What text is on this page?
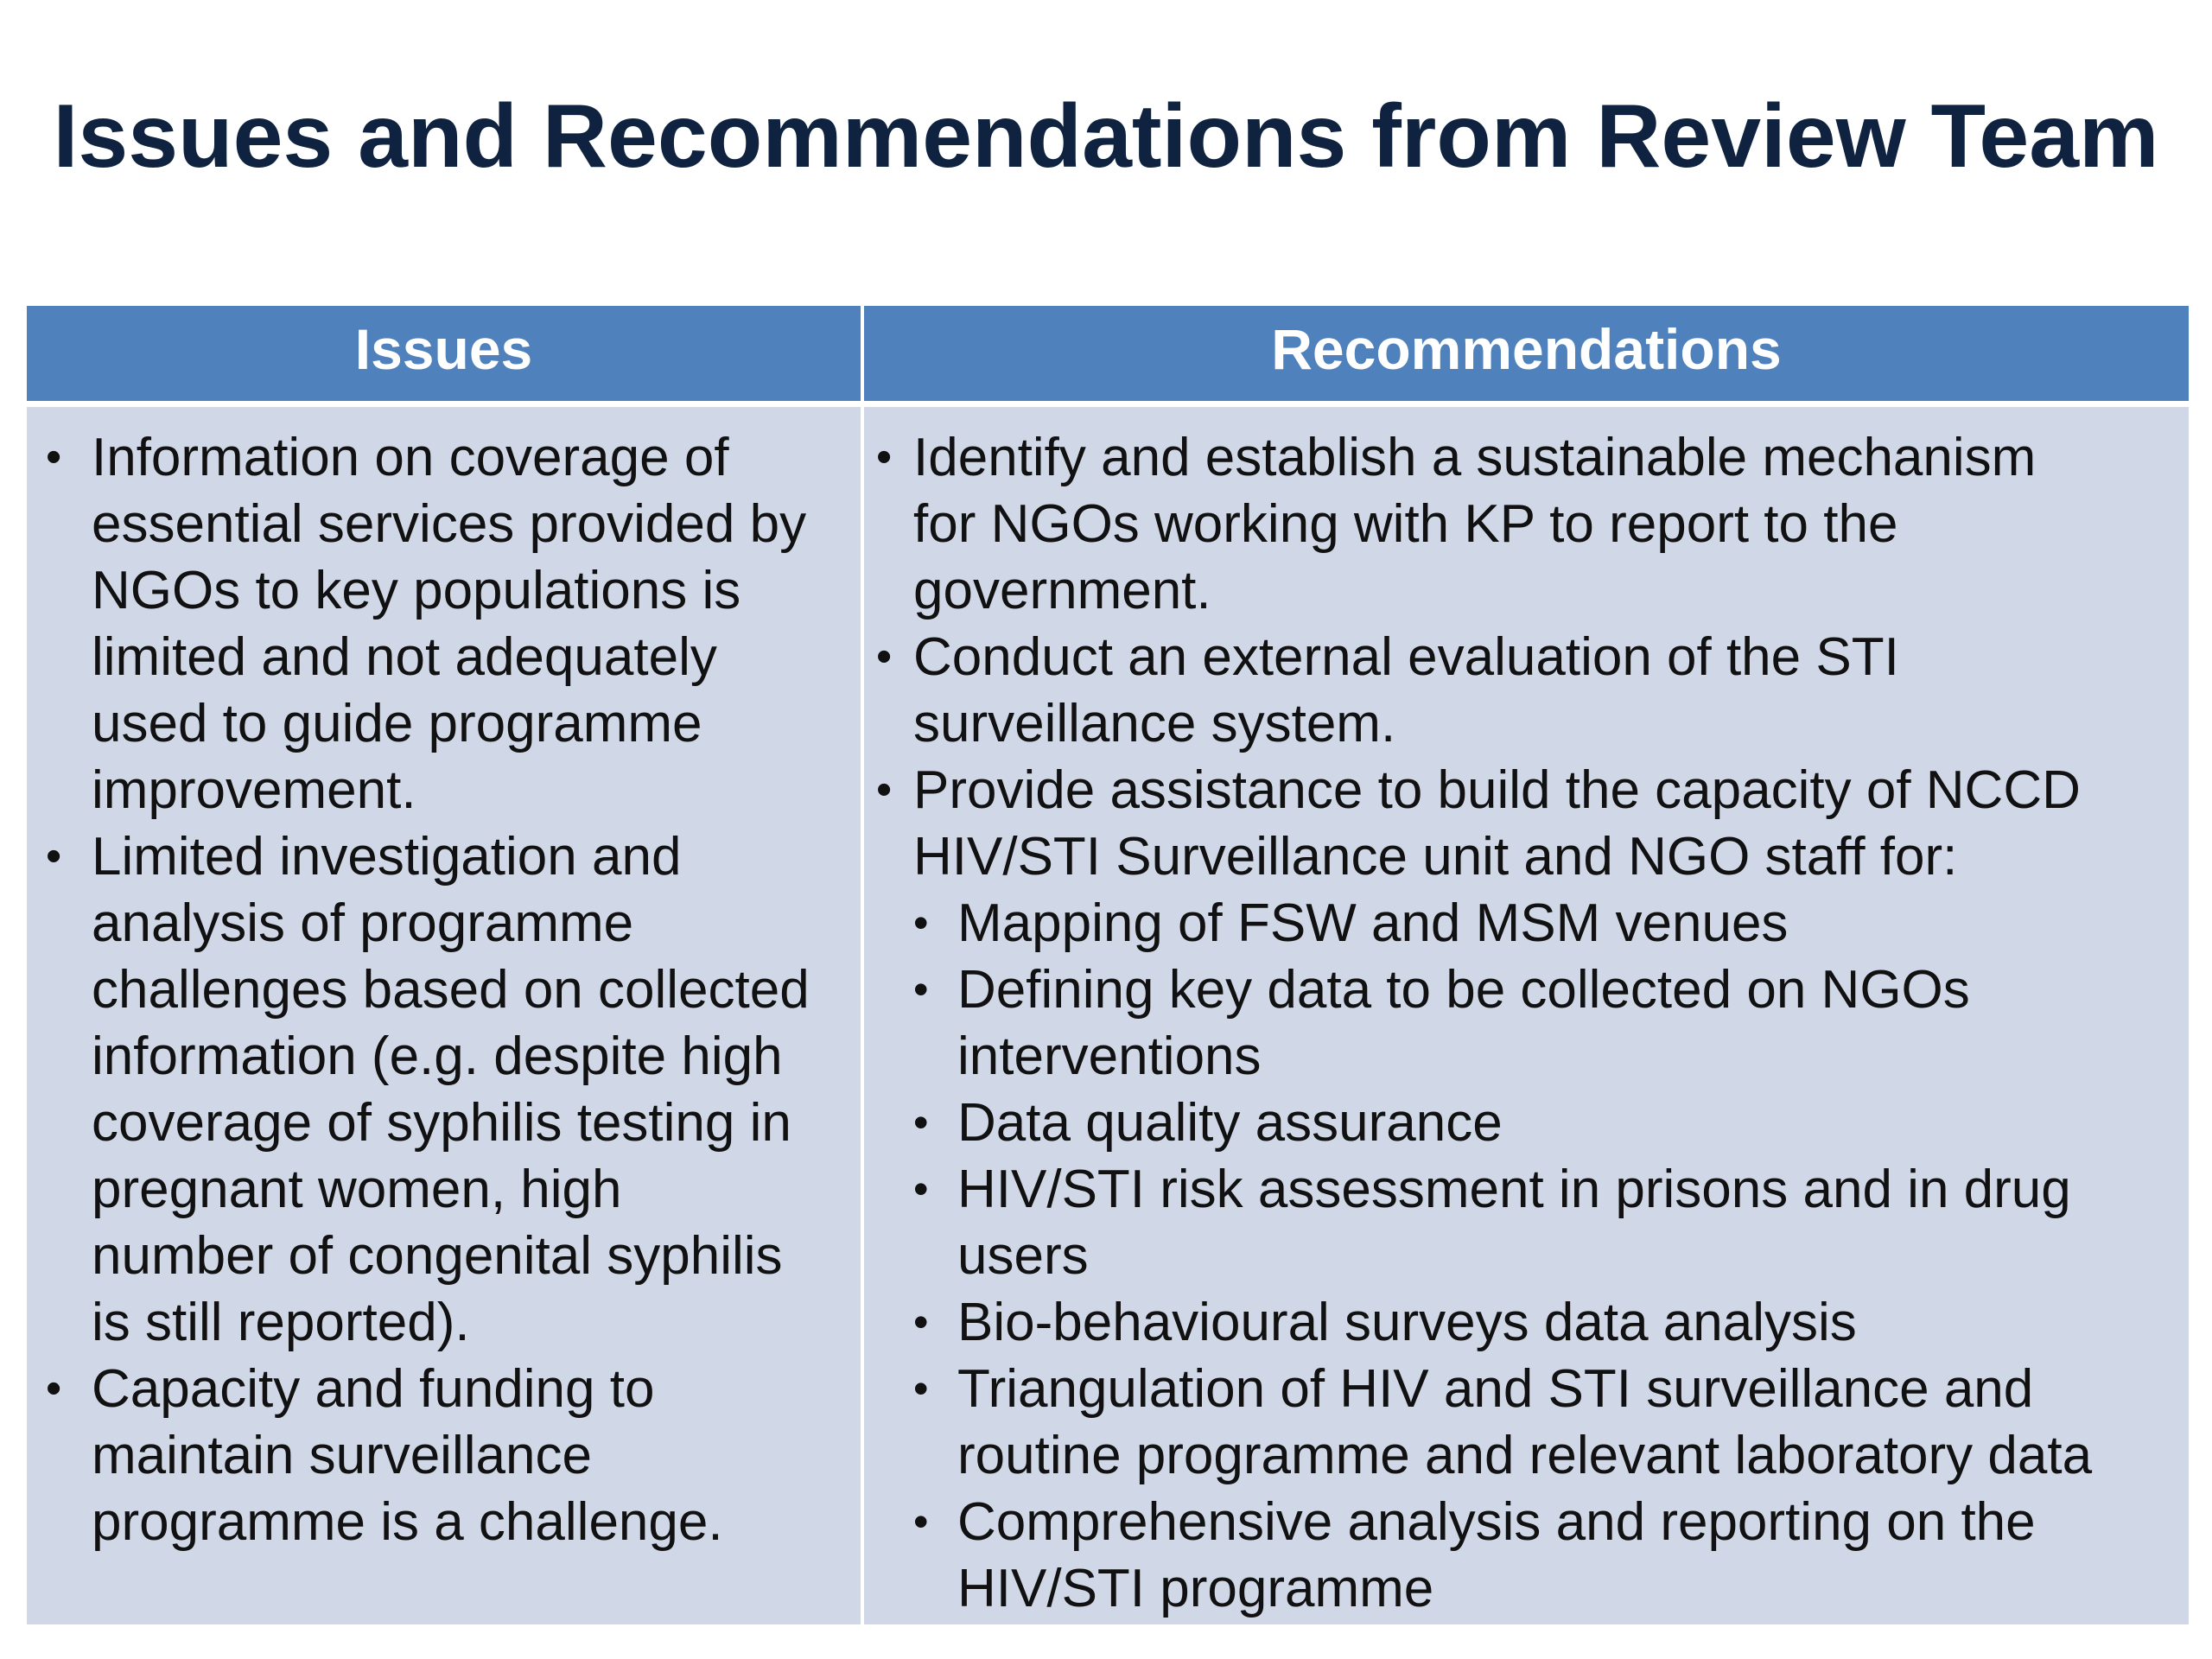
Issues and Recommendations from Review Team
Issues	Recommendations
• Information on coverage of
essential services provided by
NGOs to key populations is
limited and not adequately
used to guide programme
improvement.
• Limited investigation and
analysis of programme
challenges based on collected
information (e.g. despite high
coverage of syphilis testing in
pregnant women, high
number of congenital syphilis
is still reported).
• Capacity and funding to
maintain surveillance
programme is a challenge.
• Identify and establish a sustainable mechanism
for NGOs working with KP to report to the
government.
• Conduct an external evaluation of the STI
surveillance system.
• Provide assistance to build the capacity of NCCD
HIV/STI Surveillance unit and NGO staff for:
• Mapping of FSW and MSM venues
• Defining key data to be collected on NGOs
interventions
• Data quality assurance
• HIV/STI risk assessment in prisons and in drug
users
• Bio-behavioural surveys data analysis
• Triangulation of HIV and STI surveillance and
routine programme and relevant laboratory data
• Comprehensive analysis and reporting on the
HIV/STI programme
